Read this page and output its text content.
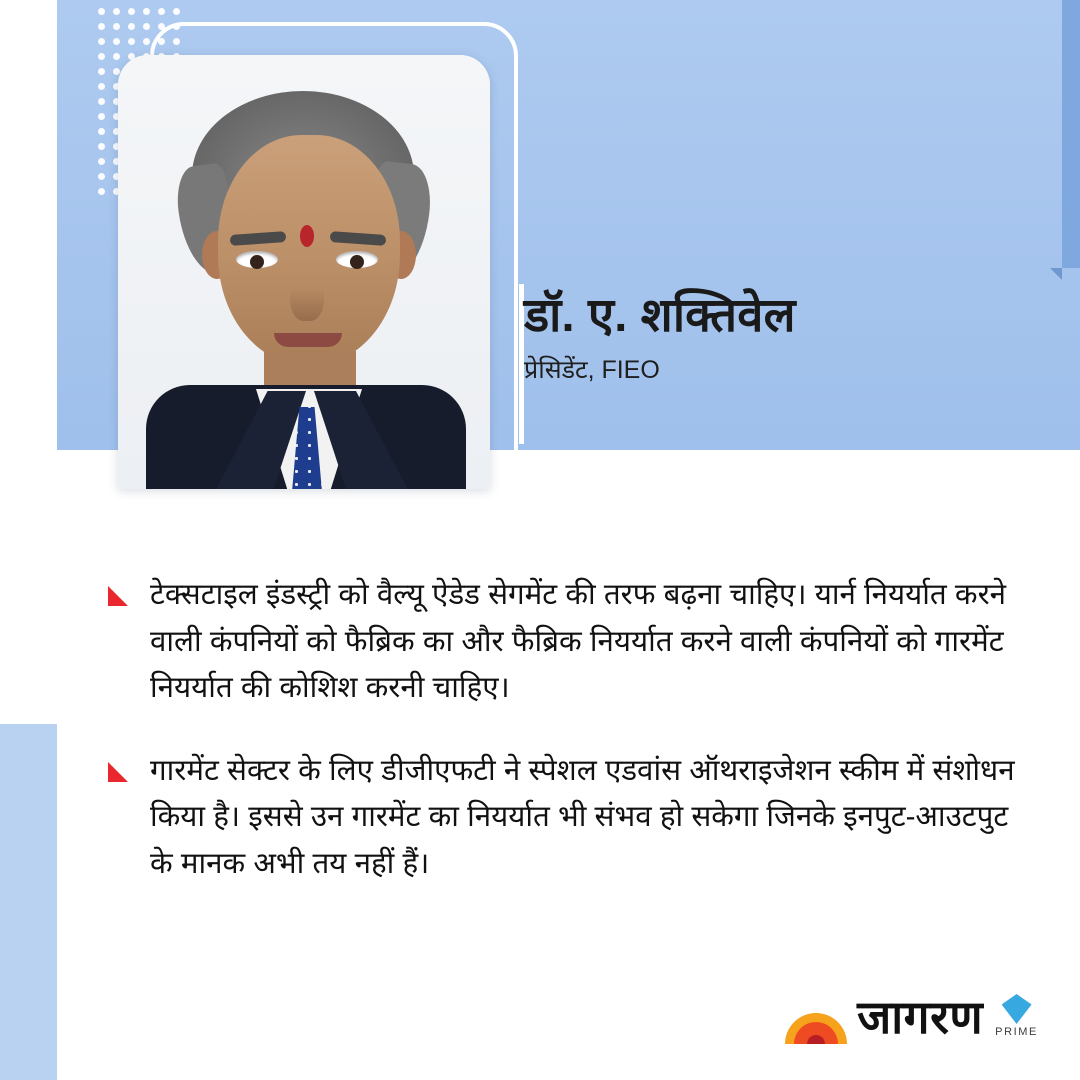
डॉ. ए. शक्तिवेल
प्रेसिडेंट, FIEO
टेक्सटाइल इंडस्ट्री को वैल्यू ऐडेड सेगमेंट की तरफ बढ़ना चाहिए। यार्न नियर्यात करने वाली कंपनियों को फैब्रिक का और फैब्रिक नियर्यात करने वाली कंपनियों को गारमेंट नियर्यात की कोशिश करनी चाहिए।
गारमेंट सेक्टर के लिए डीजीएफटी ने स्पेशल एडवांस ऑथराइजेशन स्कीम में संशोधन किया है। इससे उन गारमेंट का नियर्यात भी संभव हो सकेगा जिनके इनपुट-आउटपुट के मानक अभी तय नहीं हैं।
जागरण PRIME
